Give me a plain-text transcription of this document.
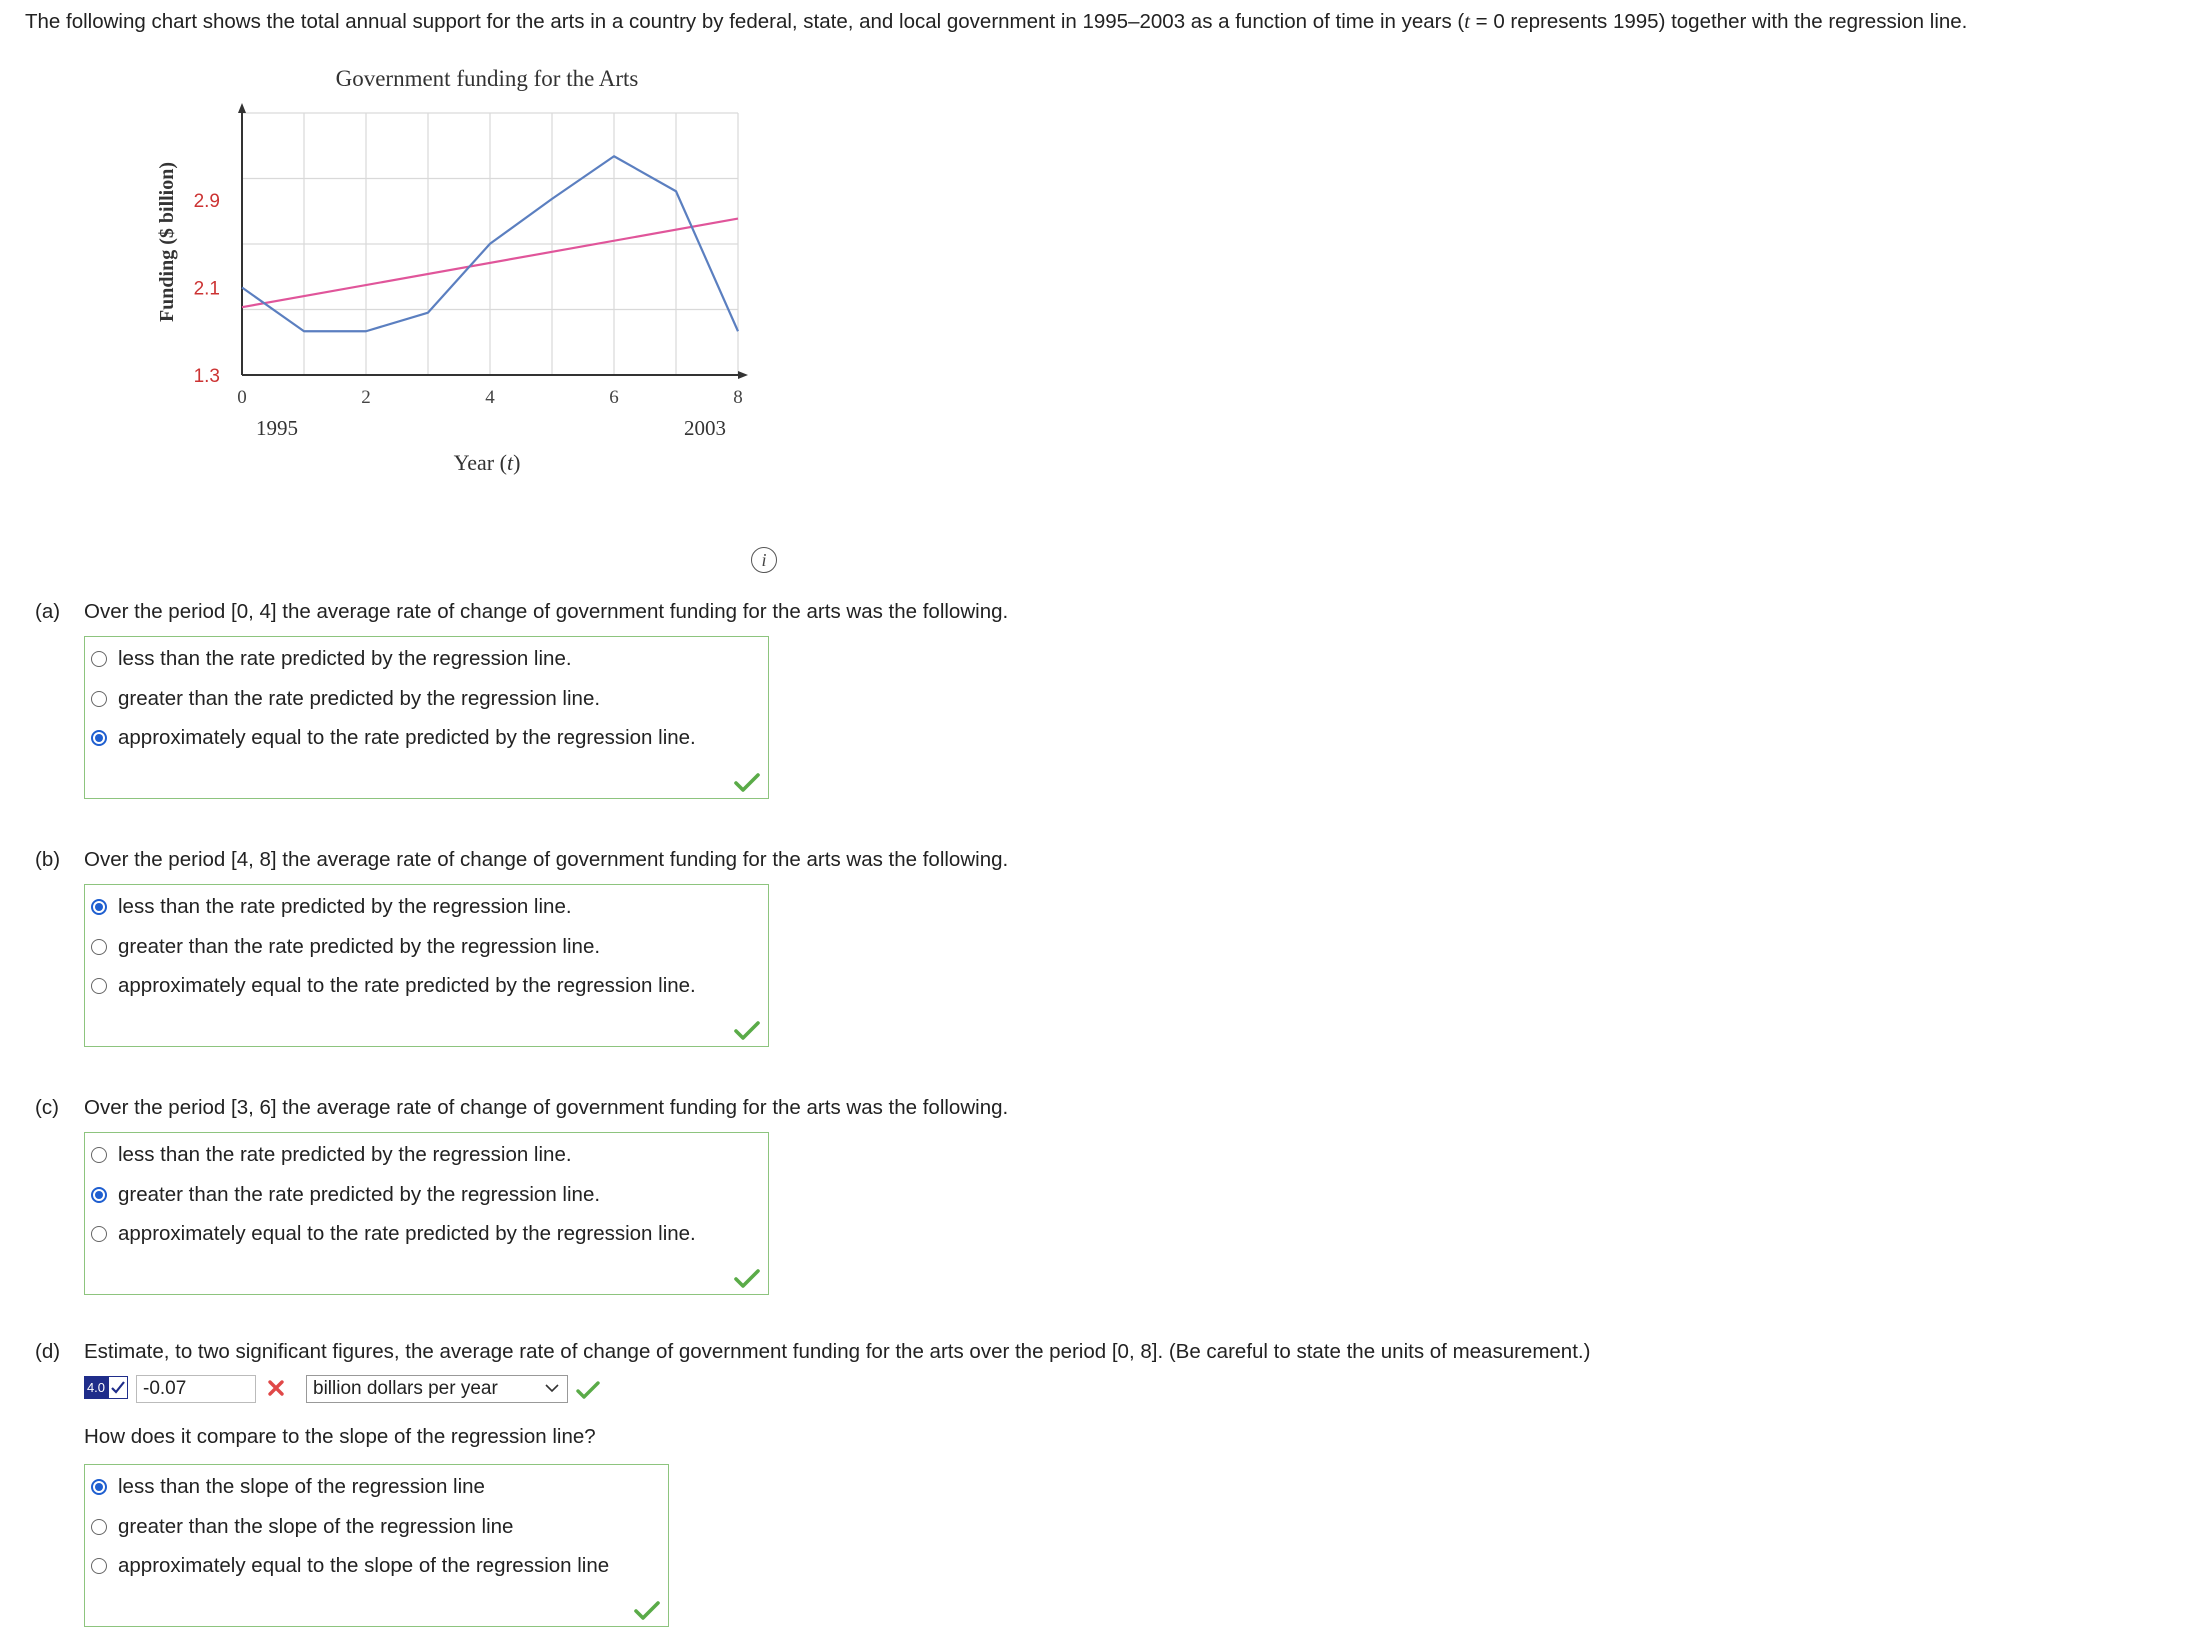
The following chart shows the total annual support for the arts in a country by federal, state, and local government in 1995–2003 as a function of time in years (t = 0 represents 1995) together with the regression line.
Government funding for the Arts
Funding ($ billion)
0	2	4	6	8
1995	2003
1.3
2.1
2.9
Year (t)
i
(a) Over the period [0, 4] the average rate of change of government funding for the arts was the following.
less than the rate predicted by the regression line.
greater than the rate predicted by the regression line.
approximately equal to the rate predicted by the regression line.
(b) Over the period [4, 8] the average rate of change of government funding for the arts was the following.
less than the rate predicted by the regression line.
greater than the rate predicted by the regression line.
approximately equal to the rate predicted by the regression line.
(c) Over the period [3, 6] the average rate of change of government funding for the arts was the following.
less than the rate predicted by the regression line.
greater than the rate predicted by the regression line.
approximately equal to the rate predicted by the regression line.
(d) Estimate, to two significant figures, the average rate of change of government funding for the arts over the period [0, 8]. (Be careful to state the units of measurement.)
4.0	-0.07	billion dollars per year
How does it compare to the slope of the regression line?
less than the slope of the regression line
greater than the slope of the regression line
approximately equal to the slope of the regression line
